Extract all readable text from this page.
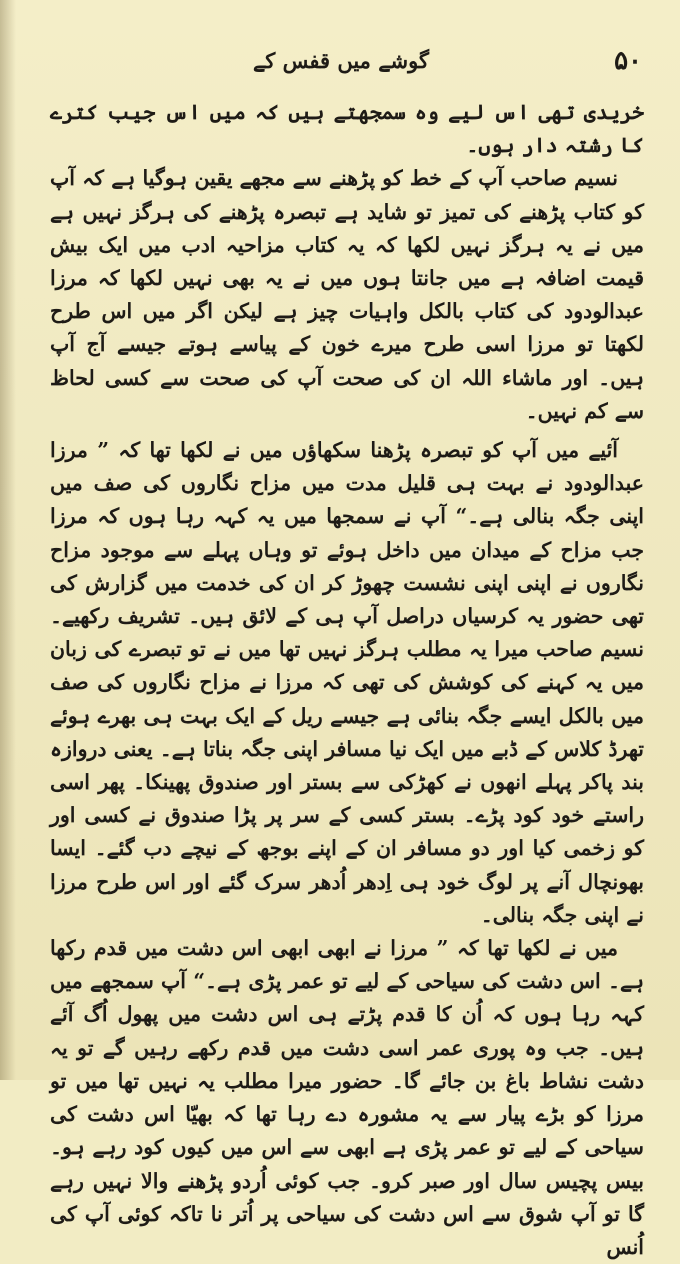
۵۰
گوشے میں قفس کے

خریدی تھی اس لیے وہ سمجھتے ہیں کہ میں اس جیب کترے کا رشتہ دار ہوں۔

نسیم صاحب آپ کے خط کو پڑھنے سے مجھے یقین ہوگیا ہے کہ آپ کو کتاب پڑھنے کی تمیز تو شاید ہے تبصرہ پڑھنے کی ہرگز نہیں ہے میں نے یہ ہرگز نہیں لکھا کہ یہ کتاب مزاحیہ ادب میں ایک بیش قیمت اضافہ ہے میں جانتا ہوں میں نے یہ بھی نہیں لکھا کہ مرزا عبدالودود کی کتاب بالکل واہیات چیز ہے لیکن اگر میں اس طرح لکھتا تو مرزا اسی طرح میرے خون کے پیاسے ہوتے جیسے آج آپ ہیں۔ اور ماشاء اللہ ان کی صحت آپ کی صحت سے کسی لحاظ سے کم نہیں۔

آئیے میں آپ کو تبصرہ پڑھنا سکھاؤں میں نے لکھا تھا کہ ” مرزا عبدالودود نے بہت ہی قلیل مدت میں مزاح نگاروں کی صف میں اپنی جگہ بنالی ہے۔“ آپ نے سمجھا میں یہ کہہ رہا ہوں کہ مرزا جب مزاح کے میدان میں داخل ہوئے تو وہاں پہلے سے موجود مزاح نگاروں نے اپنی اپنی نشست چھوڑ کر ان کی خدمت میں گزارش کی تھی حضور یہ کرسیاں دراصل آپ ہی کے لائق ہیں۔ تشریف رکھیے۔ نسیم صاحب میرا یہ مطلب ہرگز نہیں تھا میں نے تو تبصرے کی زبان میں یہ کہنے کی کوشش کی تھی کہ مرزا نے مزاح نگاروں کی صف میں بالکل ایسے جگہ بنائی ہے جیسے ریل کے ایک بہت ہی بھرے ہوئے تھرڈ کلاس کے ڈبے میں ایک نیا مسافر اپنی جگہ بناتا ہے۔ یعنی دروازہ بند پاکر پہلے انھوں نے کھڑکی سے بستر اور صندوق پھینکا۔ پھر اسی راستے خود کود پڑے۔ بستر کسی کے سر پر پڑا صندوق نے کسی اور کو زخمی کیا اور دو مسافر ان کے اپنے بوجھ کے نیچے دب گئے۔ ایسا بھونچال آنے پر لوگ خود ہی اِدھر اُدھر سرک گئے اور اس طرح مرزا نے اپنی جگہ بنالی۔

میں نے لکھا تھا کہ ” مرزا نے ابھی ابھی اس دشت میں قدم رکھا ہے۔ اس دشت کی سیاحی کے لیے تو عمر پڑی ہے۔“ آپ سمجھے میں کہہ رہا ہوں کہ اُن کا قدم پڑتے ہی اس دشت میں پھول اُگ آئے ہیں۔ جب وہ پوری عمر اسی دشت میں قدم رکھے رہیں گے تو یہ دشت نشاط باغ بن جائے گا۔ حضور میرا مطلب یہ نہیں تھا میں تو مرزا کو بڑے پیار سے یہ مشورہ دے رہا تھا کہ بھیّا اس دشت کی سیاحی کے لیے تو عمر پڑی ہے ابھی سے اس میں کیوں کود رہے ہو۔ بیس پچیس سال اور صبر کرو۔ جب کوئی اُردو پڑھنے والا نہیں رہے گا تو آپ شوق سے اس دشت کی سیاحی پر اُتر نا تاکہ کوئی آپ کی اُنس
